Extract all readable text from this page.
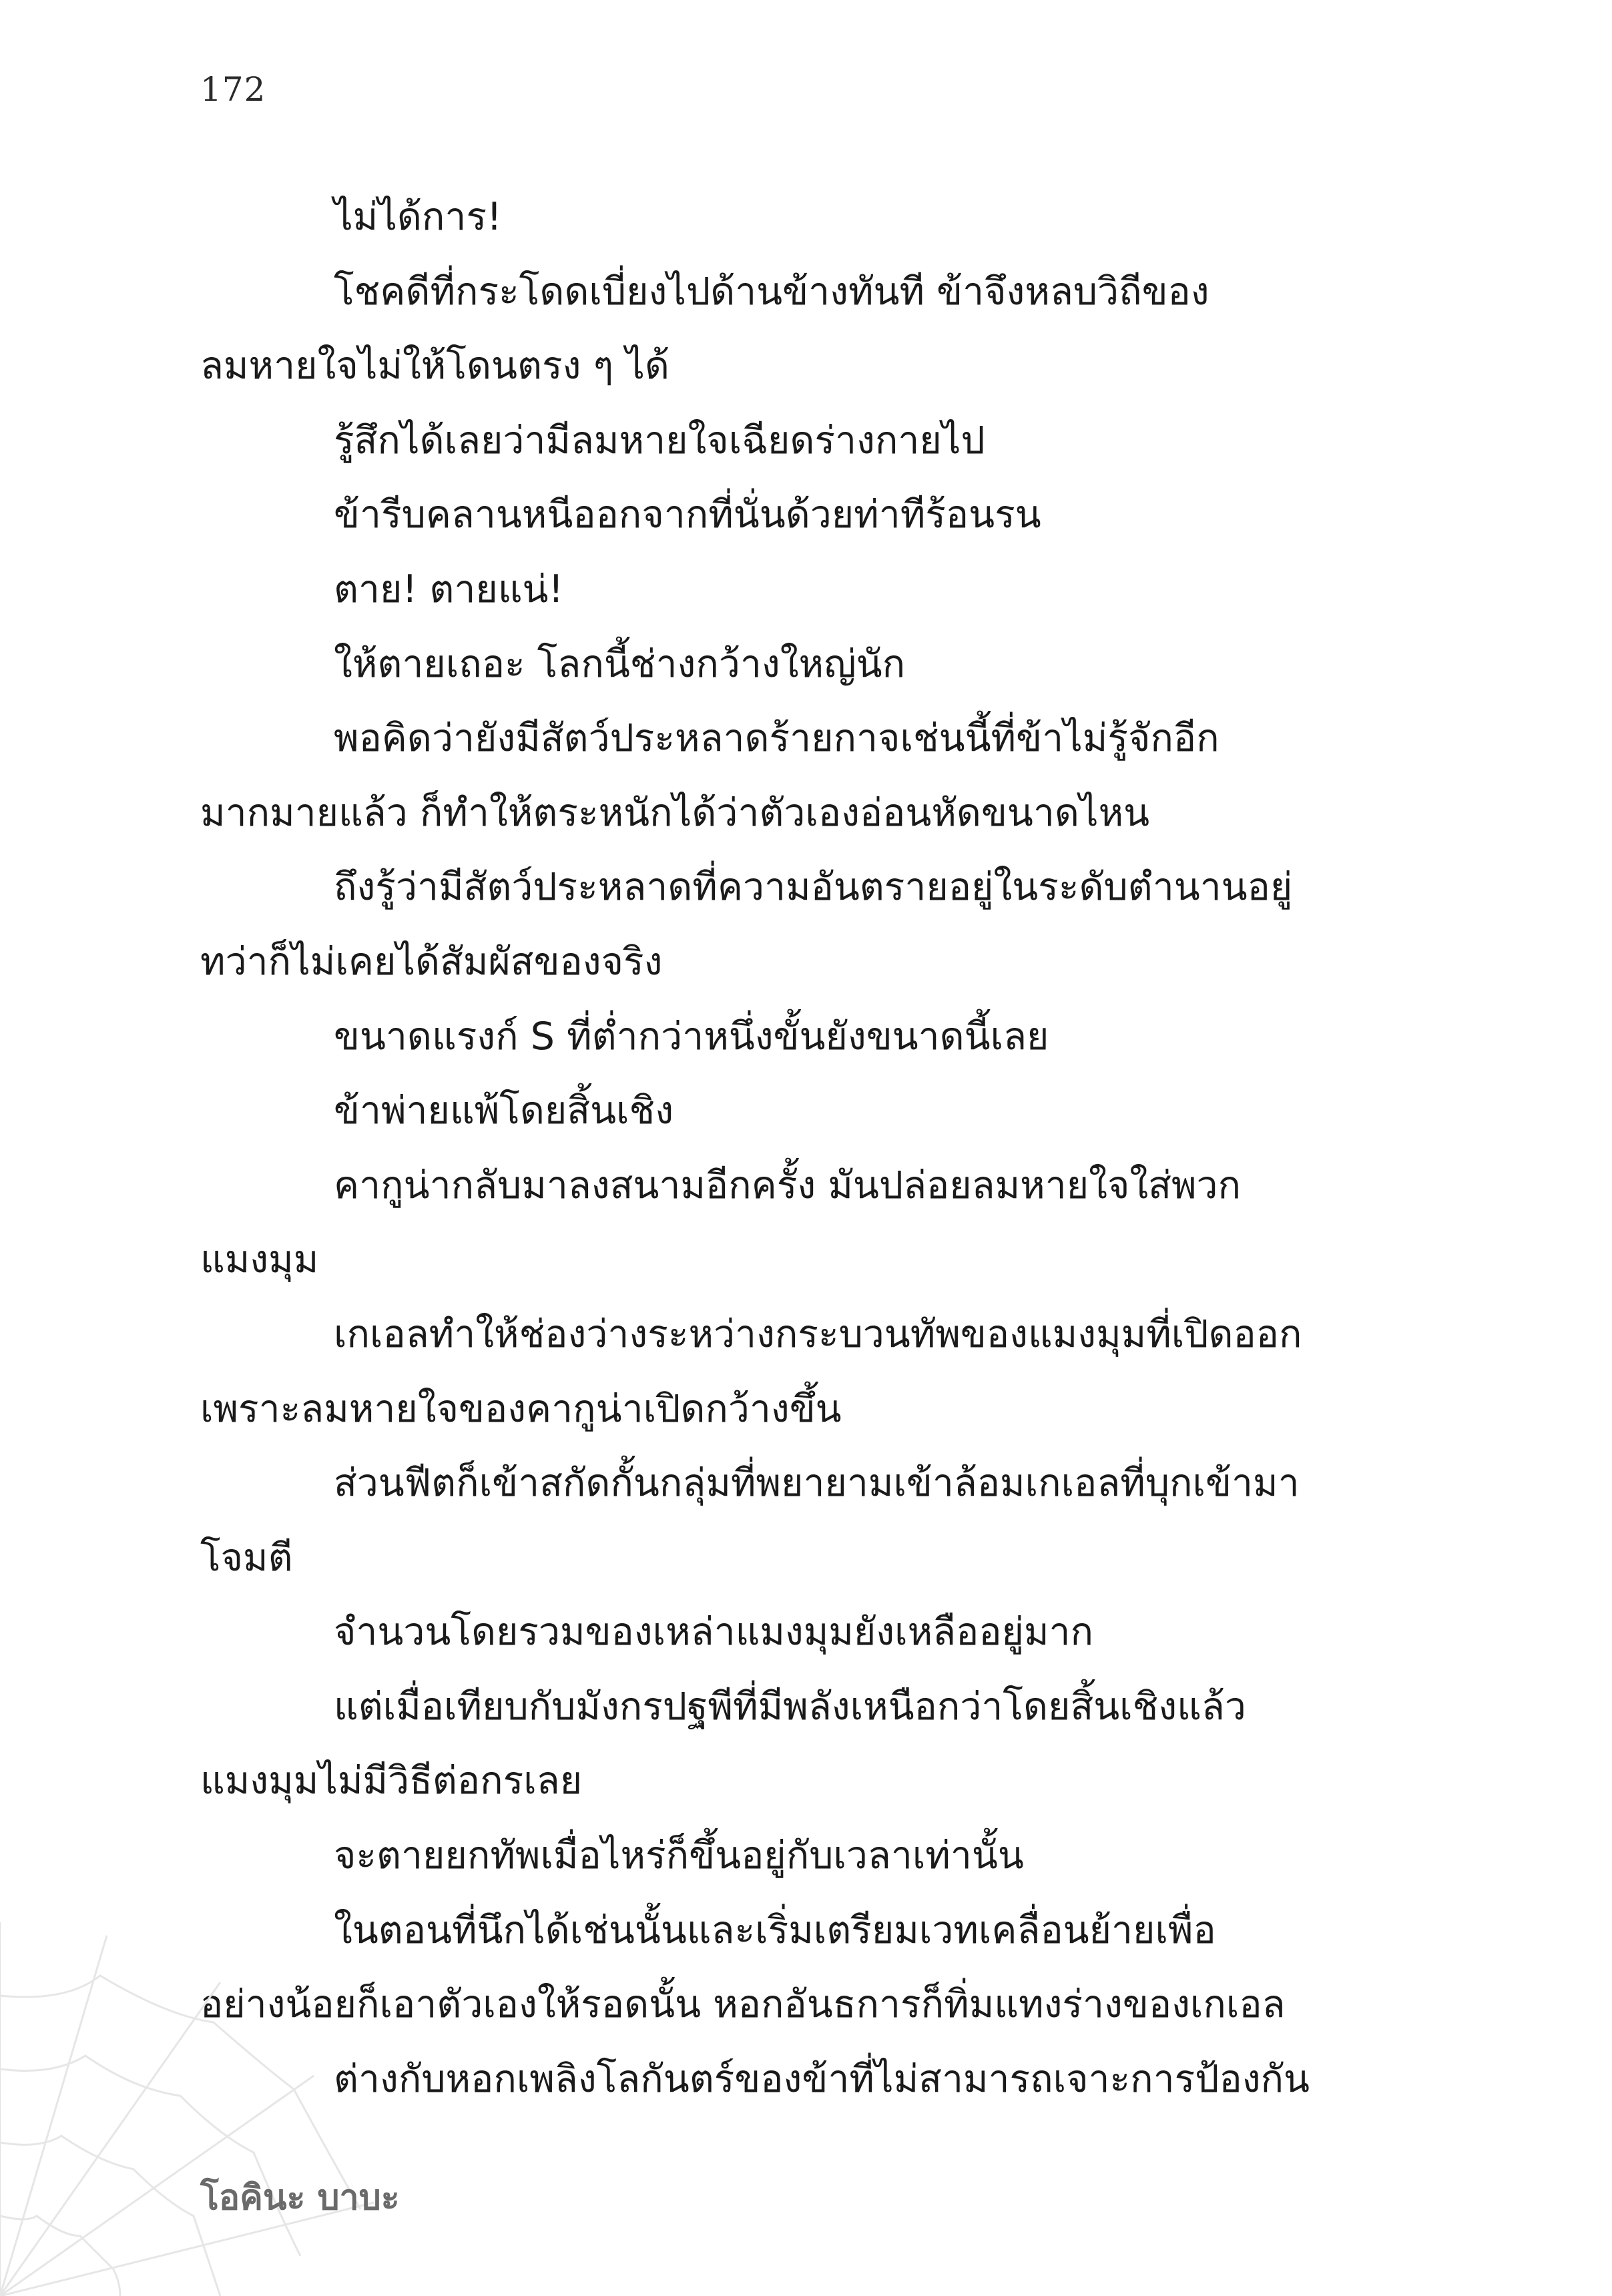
172
ไม่ได้การ!
โชคดีที่กระโดดเบี่ยงไปด้านข้างทันที ข้าจึงหลบวิถีของ
ลมหายใจไม่ให้โดนตรง ๆ ได้
รู้สึกได้เลยว่ามีลมหายใจเฉียดร่างกายไป
ข้ารีบคลานหนีออกจากที่นั่นด้วยท่าทีร้อนรน
ตาย! ตายแน่!
ให้ตายเถอะ โลกนี้ช่างกว้างใหญ่นัก
พอคิดว่ายังมีสัตว์ประหลาดร้ายกาจเช่นนี้ที่ข้าไม่รู้จักอีก
มากมายแล้ว ก็ทำให้ตระหนักได้ว่าตัวเองอ่อนหัดขนาดไหน
ถึงรู้ว่ามีสัตว์ประหลาดที่ความอันตรายอยู่ในระดับตำนานอยู่
ทว่าก็ไม่เคยได้สัมผัสของจริง
ขนาดแรงก์ S ที่ต่ำกว่าหนึ่งขั้นยังขนาดนี้เลย
ข้าพ่ายแพ้โดยสิ้นเชิง
คากูน่ากลับมาลงสนามอีกครั้ง มันปล่อยลมหายใจใส่พวก
แมงมุม
เกเอลทำให้ช่องว่างระหว่างกระบวนทัพของแมงมุมที่เปิดออก
เพราะลมหายใจของคากูน่าเปิดกว้างขึ้น
ส่วนฟีตก็เข้าสกัดกั้นกลุ่มที่พยายามเข้าล้อมเกเอลที่บุกเข้ามา
โจมตี
จำนวนโดยรวมของเหล่าแมงมุมยังเหลืออยู่มาก
แต่เมื่อเทียบกับมังกรปฐพีที่มีพลังเหนือกว่าโดยสิ้นเชิงแล้ว
แมงมุมไม่มีวิธีต่อกรเลย
จะตายยกทัพเมื่อไหร่ก็ขึ้นอยู่กับเวลาเท่านั้น
ในตอนที่นึกได้เช่นนั้นและเริ่มเตรียมเวทเคลื่อนย้ายเพื่อ
อย่างน้อยก็เอาตัวเองให้รอดนั้น หอกอันธการก็ทิ่มแทงร่างของเกเอล
ต่างกับหอกเพลิงโลกันตร์ของข้าที่ไม่สามารถเจาะการป้องกัน
โอคินะ บาบะ
